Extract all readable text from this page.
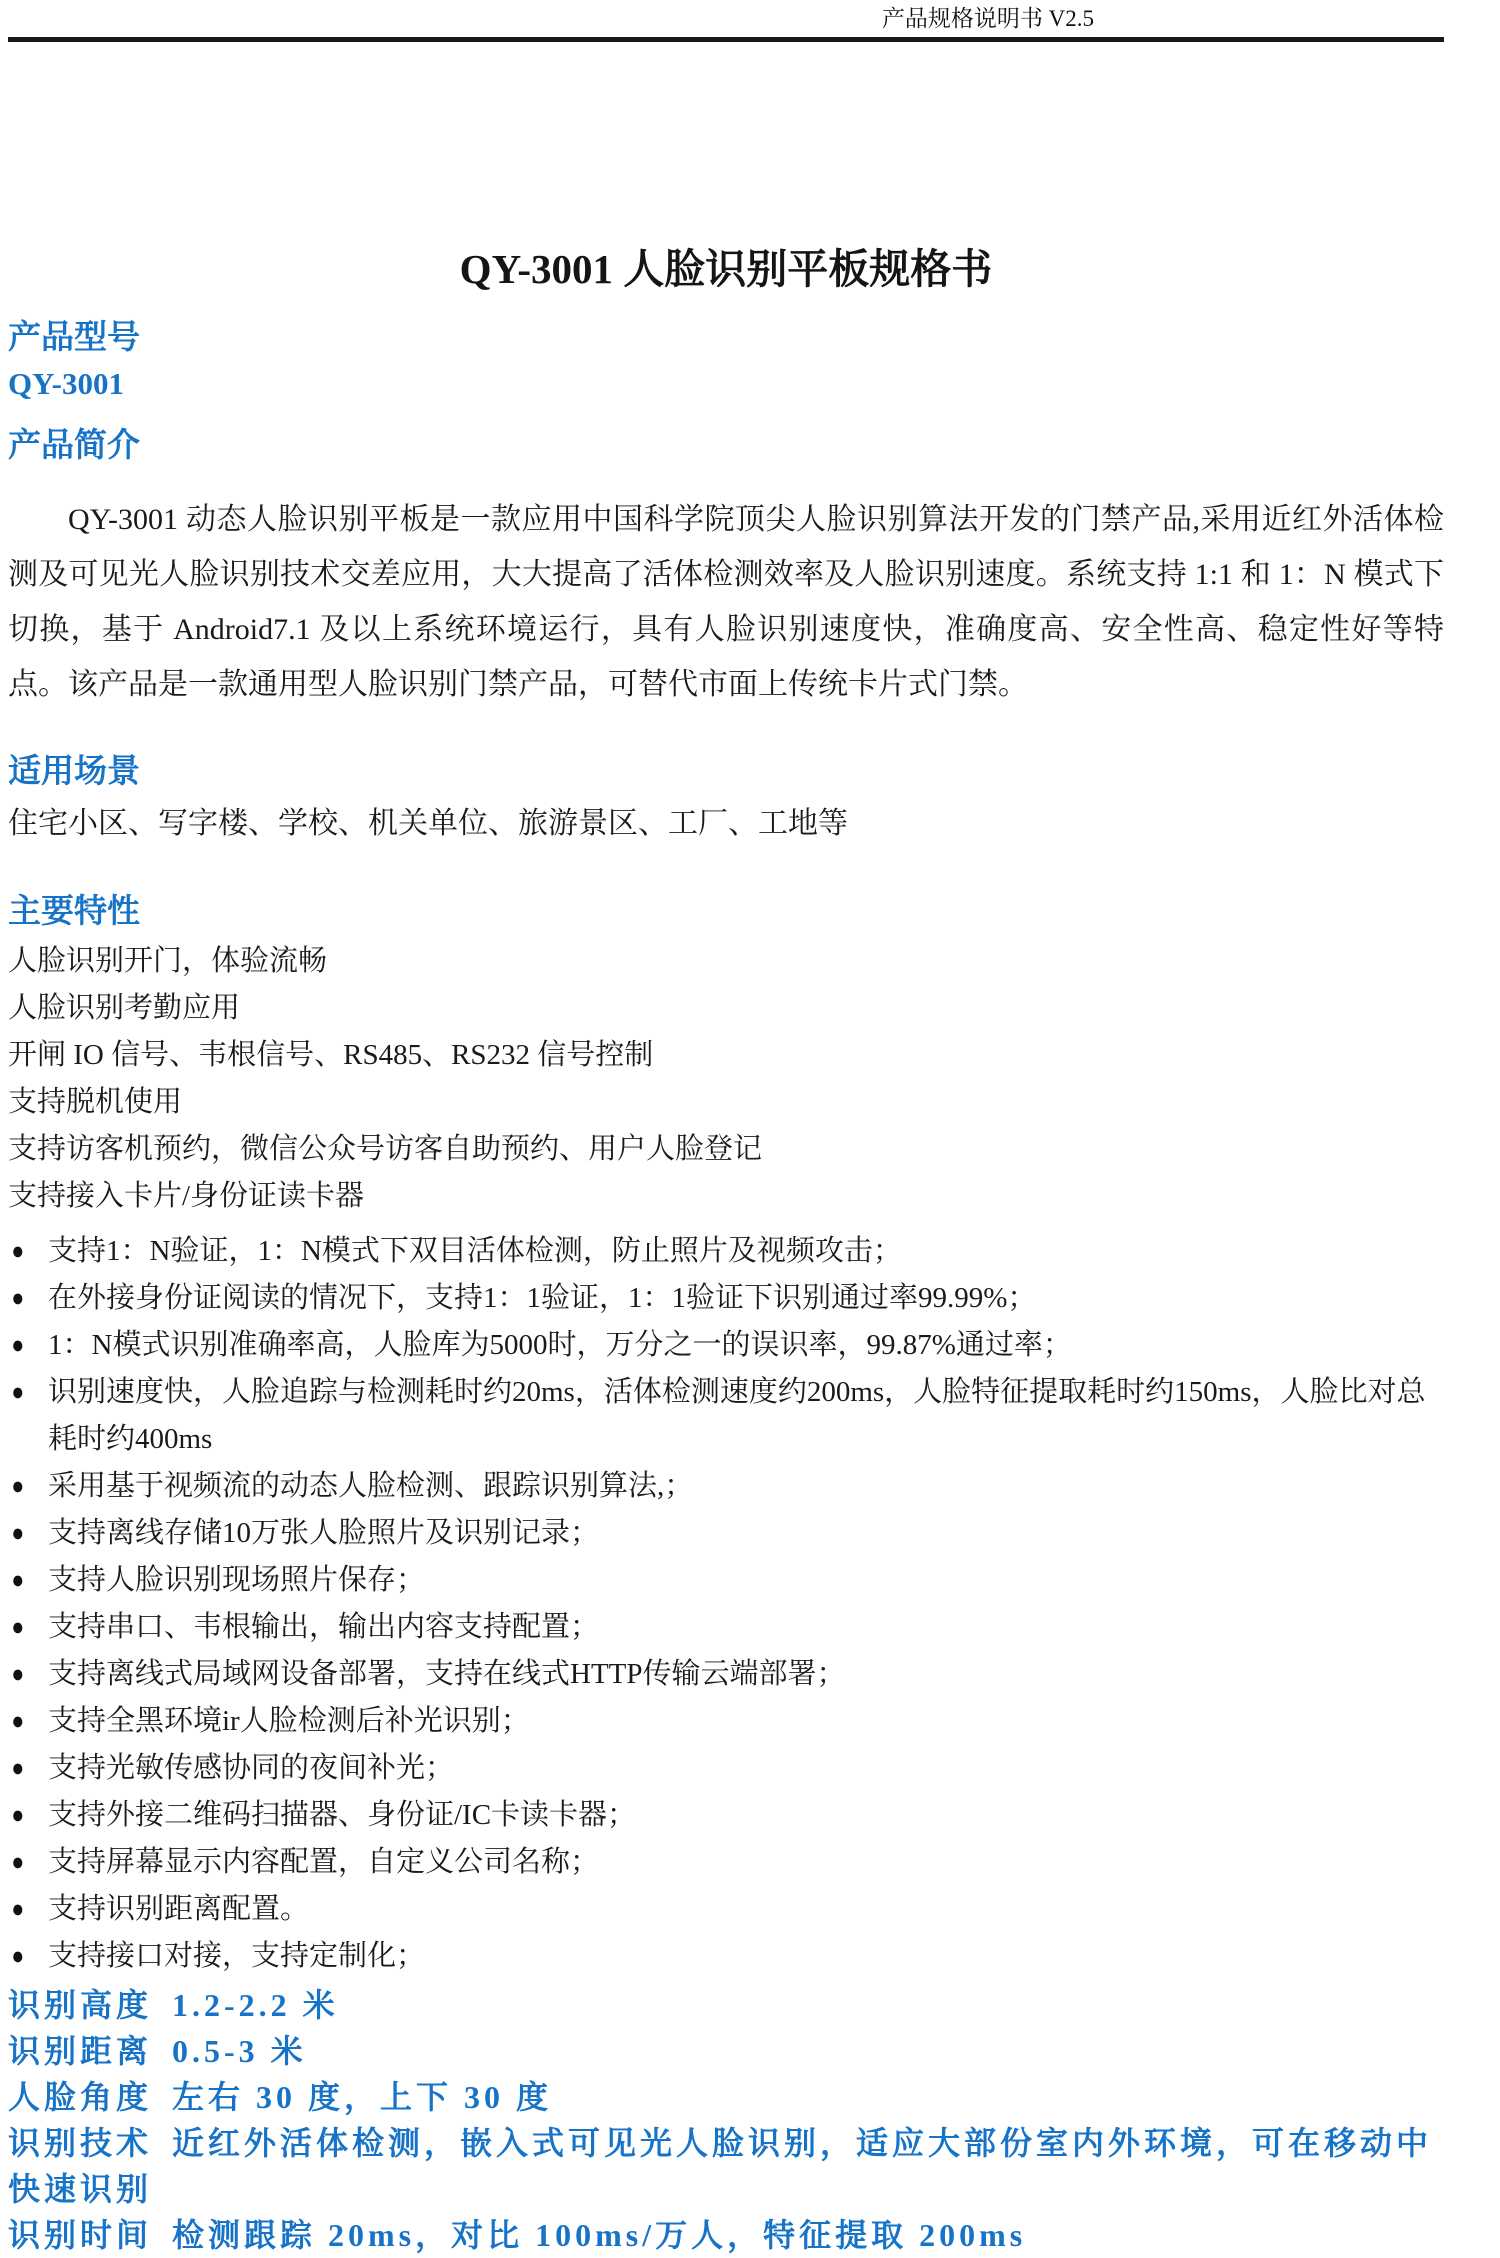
产品规格说明书 V2.5
QY-3001 人脸识别平板规格书
产品型号
QY-3001
产品简介

QY-3001 动态人脸识别平板是一款应用中国科学院顶尖人脸识别算法开发的门禁产品,采用近红外活体检测及可见光人脸识别技术交差应用，大大提高了活体检测效率及人脸识别速度。系统支持 1:1 和 1：N 模式下切换，基于 Android7.1 及以上系统环境运行，具有人脸识别速度快，准确度高、安全性高、稳定性好等特点。该产品是一款通用型人脸识别门禁产品，可替代市面上传统卡片式门禁。

适用场景
住宅小区、写字楼、学校、机关单位、旅游景区、工厂、工地等
主要特性
人脸识别开门，体验流畅
人脸识别考勤应用
开闸 IO 信号、韦根信号、RS485、RS232 信号控制
支持脱机使用
支持访客机预约，微信公众号访客自助预约、用户人脸登记
支持接入卡片/身份证读卡器
● 支持1：N验证，1：N模式下双目活体检测，防止照片及视频攻击；
● 在外接身份证阅读的情况下，支持1：1验证，1：1验证下识别通过率99.99%；
● 1：N模式识别准确率高，人脸库为5000时，万分之一的误识率，99.87%通过率；
● 识别速度快，人脸追踪与检测耗时约20ms，活体检测速度约200ms，人脸特征提取耗时约150ms，人脸比对总耗时约400ms
● 采用基于视频流的动态人脸检测、跟踪识别算法,；
● 支持离线存储10万张人脸照片及识别记录；
● 支持人脸识别现场照片保存；
● 支持串口、韦根输出，输出内容支持配置；
● 支持离线式局域网设备部署，支持在线式HTTP传输云端部署；
● 支持全黑环境ir人脸检测后补光识别；
● 支持光敏传感协同的夜间补光；
● 支持外接二维码扫描器、身份证/IC卡读卡器；
● 支持屏幕显示内容配置，自定义公司名称；
● 支持识别距离配置。
● 支持接口对接，支持定制化；
识别高度 1.2-2.2 米
识别距离 0.5-3 米
人脸角度 左右 30 度，上下 30 度
识别技术 近红外活体检测，嵌入式可见光人脸识别，适应大部份室内外环境，可在移动中快速识别
识别时间 检测跟踪 20ms，对比 100ms/万人，特征提取 200ms
